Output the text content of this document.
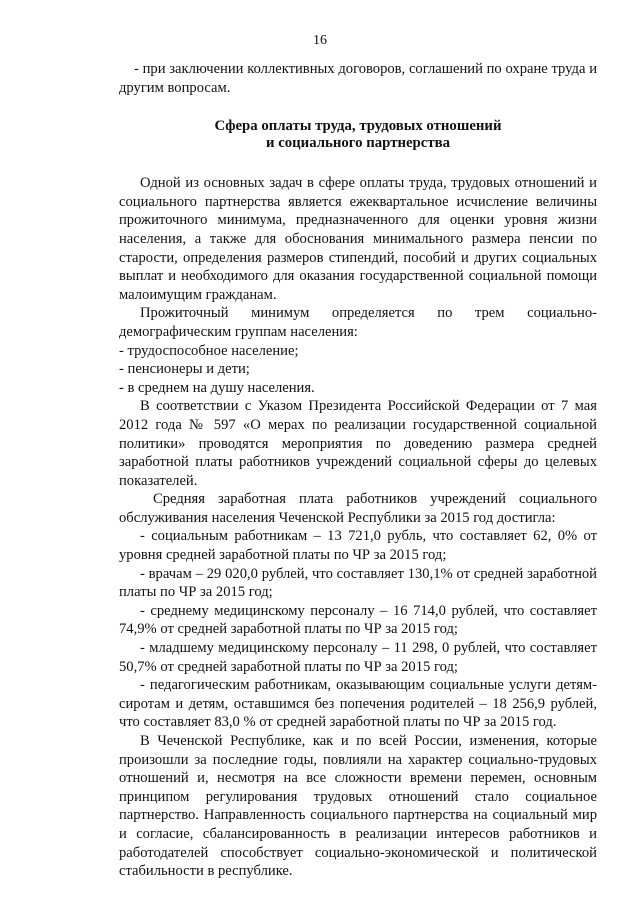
16

- при заключении коллективных договоров, соглашений по охране труда и другим вопросам.

Сфера оплаты труда, трудовых отношений
и социального партнерства

Одной из основных задач в сфере оплаты труда, трудовых отношений и социального партнерства является ежеквартальное исчисление величины прожиточного минимума, предназначенного для оценки уровня жизни населения, а также для обоснования минимального размера пенсии по старости, определения размеров стипендий, пособий и других социальных выплат и необходимого для оказания государственной социальной помощи малоимущим гражданам.

Прожиточный минимум определяется по трем социально-демографическим группам населения:

- трудоспособное население;

- пенсионеры и дети;

- в среднем на душу населения.

В соответствии с Указом Президента Российской Федерации от 7 мая 2012 года № 597 «О мерах по реализации государственной социальной политики» проводятся мероприятия по доведению размера средней заработной платы работников учреждений социальной сферы до целевых показателей.

Средняя заработная плата работников учреждений социального обслуживания населения Чеченской Республики за 2015 год достигла:

- социальным работникам – 13 721,0 рубль, что составляет 62, 0% от уровня средней заработной платы по ЧР за 2015 год;

- врачам – 29 020,0 рублей, что составляет 130,1% от средней заработной платы по ЧР за 2015 год;

- среднему медицинскому персоналу – 16 714,0 рублей, что составляет 74,9% от средней заработной платы по ЧР за 2015 год;

- младшему медицинскому персоналу – 11 298, 0 рублей, что составляет 50,7% от средней заработной платы по ЧР за 2015 год;

- педагогическим работникам, оказывающим социальные услуги детям-сиротам и детям, оставшимся без попечения родителей – 18 256,9 рублей, что составляет 83,0 % от средней заработной платы по ЧР за 2015 год.

В Чеченской Республике, как и по всей России, изменения, которые произошли за последние годы, повлияли на характер социально-трудовых отношений и, несмотря на все сложности времени перемен, основным принципом регулирования трудовых отношений стало социальное партнерство. Направленность социального партнерства на социальный мир и согласие, сбалансированность в реализации интересов работников и работодателей способствует социально-экономической и политической стабильности в республике.
